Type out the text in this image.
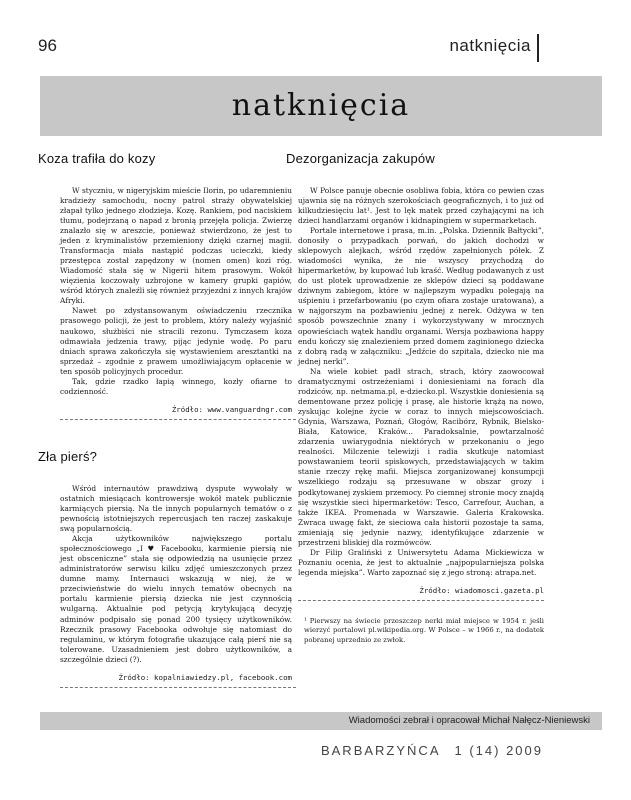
96	natknięcia
natknięcia
Koza trafiła do kozy

W styczniu, w nigeryjskim mieście Ilorin, po udaremnieniu kradzieży samochodu, nocny patrol straży obywatelskiej złapał tylko jednego złodzieja. Kozę. Rankiem, pod naciskiem tłumu, podejrzaną o napad z bronią przejęła policja. Zwierzę znalazło się w areszcie, ponieważ stwierdzono, że jest to jeden z kryminalistów przemieniony dzięki czarnej magii. Transformacja miała nastąpić podczas ucieczki, kiedy przestępca został zapędzony w (nomen omen) kozi róg. Wiadomość stała się w Nigerii hitem prasowym. Wokół więzienia koczowały uzbrojone w kamery grupki gapiów, wśród których znaleźli się również przyjezdni z innych krajów Afryki.

Nawet po zdystansowanym oświadczeniu rzecznika prasowego policji, że jest to problem, który należy wyjaśnić naukowo, służbiści nie stracili rezonu. Tymczasem koza odmawiała jedzenia trawy, pijąc jedynie wodę. Po paru dniach sprawa zakończyła się wystawieniem aresztantki na sprzedaż – zgodnie z prawem umożliwiającym opłacenie w ten sposób policyjnych procedur.

Tak, gdzie rzadko łapią winnego, kozły ofiarne to codzienność.

Źródło: www.vanguardngr.com
Zła pierś?

Wśród internautów prawdziwą dyspute wywołały w ostatnich miesiącach kontrowersje wokół matek publicznie karmiących piersią. Na tle innych popularnych tematów o z pewnością istotniejszych repercusjach ten raczej zaskakuje swą popularnością.

Akcja użytkowników największego portalu społecznościowego „I ♥ Facebooku, karmienie piersią nie jest obsceniczne” stała się odpowiedzią na usunięcie przez administratorów serwisu kilku zdjęć umieszczonych przez dumne mamy. Internauci wskazują w niej, że w przeciwieństwie do wielu innych tematów obecnych na portalu karmienie piersią dziecka nie jest czynnością wulgarną. Aktualnie pod petycją krytykującą decyzję adminów podpisało się ponad 200 tysięcy użytkowników. Rzecznik prasowy Facebooka odwołuje się natomiast do regulaminu, w którym fotografie ukazujące całą pierś nie są tolerowane. Uzasadnieniem jest dobro użytkowników, a szczególnie dzieci (?).

Źródło: kopalniawiedzy.pl, facebook.com
Dezorganizacja zakupów

W Polsce panuje obecnie osobliwa fobia, która co pewien czas ujawnia się na różnych szerokościach geograficznych, i to już od kilkudziesięciu lat¹. Jest to lęk matek przed czyhającymi na ich dzieci handlarzami organów i kidnapingiem w supermarketach.

Portale internetowe i prasa, m.in. „Polska. Dziennik Bałtycki”, donosiły o przypadkach porwań, do jakich dochodzi w sklepowych alejkach, wśród rzędów zapełnionych półek. Z wiadomości wynika, że nie wszyscy przychodzą do hipermarketów, by kupować lub kraść. Według podawanych z ust do ust plotek uprowadzenie ze sklepów dzieci są poddawane dziwnym zabiegom, które w najlepszym wypadku polegają na uśpieniu i przefarbowaniu (po czym ofiara zostaje uratowana), a w najgorszym na pozbawieniu jednej z nerek. Odżywa w ten sposób powszechnie znany i wykorzystywany w mrocznych opowieściach wątek handlu organami. Wersja pozbawiona happy endu kończy się znalezieniem przed domem zaginionego dziecka z dobrą radą w załączniku: „Jedźcie do szpitala, dziecko nie ma jednej nerki”.

Na wiele kobiet padł strach, strach, który zaowocował dramatycznymi ostrzeżeniami i doniesieniami na forach dla rodziców, np. netmama.pl, e-dziecko.pl. Wszystkie doniesienia są dementowane przez policję i prasę, ale historie krążą na nowo, zyskując kolejne życie w coraz to innych miejscowościach. Gdynia, Warszawa, Poznań, Głogów, Racibórz, Rybnik, Bielsko-Biała, Katowice, Kraków... Paradoksalnie, powtarzalność zdarzenia uwiarygodnia niektórych w przekonaniu o jego realności. Milczenie telewizji i radia skutkuje natomiast powstawaniem teorii spiskowych, przedstawiających w takim stanie rzeczy rękę mafii. Miejsca zorganizowanej konsumpcji wszelkiego rodzaju są przesuwane w obszar grozy i podkytowanej zyskiem przemocy. Po ciemnej stronie mocy znajdą się wszystkie sieci hipermarketów: Tesco, Carrefour, Auchan, a także IKEA. Promenada w Warszawie. Galeria Krakowska. Zwraca uwagę fakt, że sieciowa cała historii pozostaje ta sama, zmieniają się jedynie nazwy, identyfikujące zdarzenie w przestrzeni bliskiej dla rozmówców.

Dr Filip Graliński z Uniwersytetu Adama Mickiewicza w Poznaniu ocenia, że jest to aktualnie „najpopularniejsza polska legenda miejska”. Warto zapoznać się z jego stroną: atrapa.net.

Źródło: wiadomosci.gazeta.pl

¹ Pierwszy na świecie przeszczep nerki miał miejsce w 1954 r. jeśli wierzyć portalowi pl.wikipedia.org. W Polsce – w 1966 r., na dodatek pobranej uprzednio ze zwłok.

Wiadomości zebrał i opracował Michał Nałęcz-Nieniewski
BARBARZYŃCA 1 (14) 2009
